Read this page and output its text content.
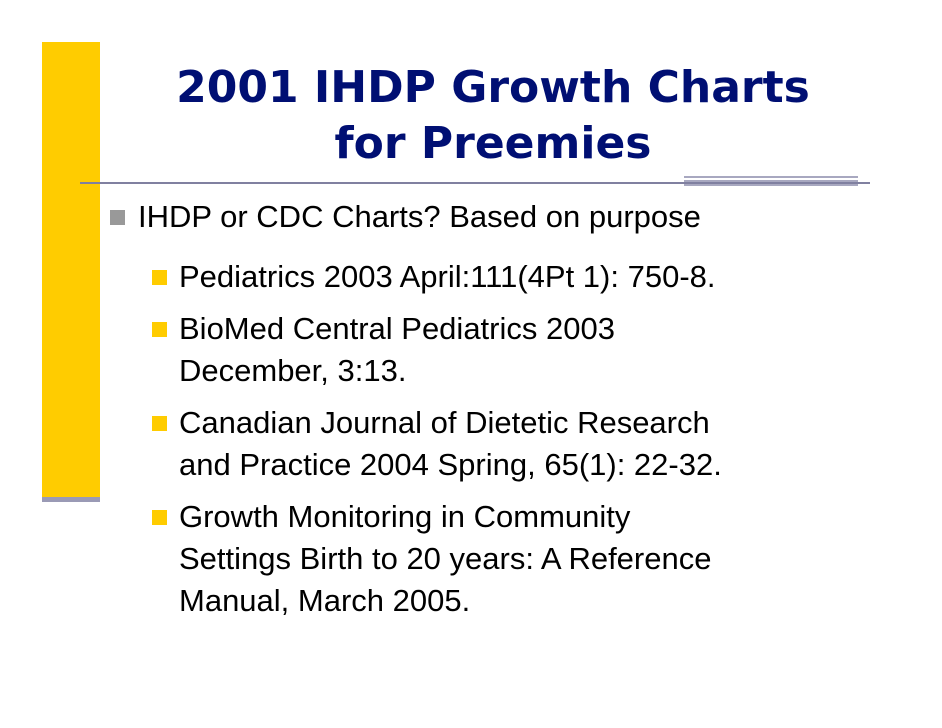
2001 IHDP Growth Charts
for Preemies
IHDP or CDC Charts? Based on purpose
Pediatrics 2003 April:111(4Pt 1): 750-8.
BioMed Central Pediatrics 2003
December, 3:13.
Canadian Journal of Dietetic Research
and Practice 2004 Spring, 65(1): 22-32.
Growth Monitoring in Community
Settings Birth to 20 years: A Reference
Manual, March 2005.
